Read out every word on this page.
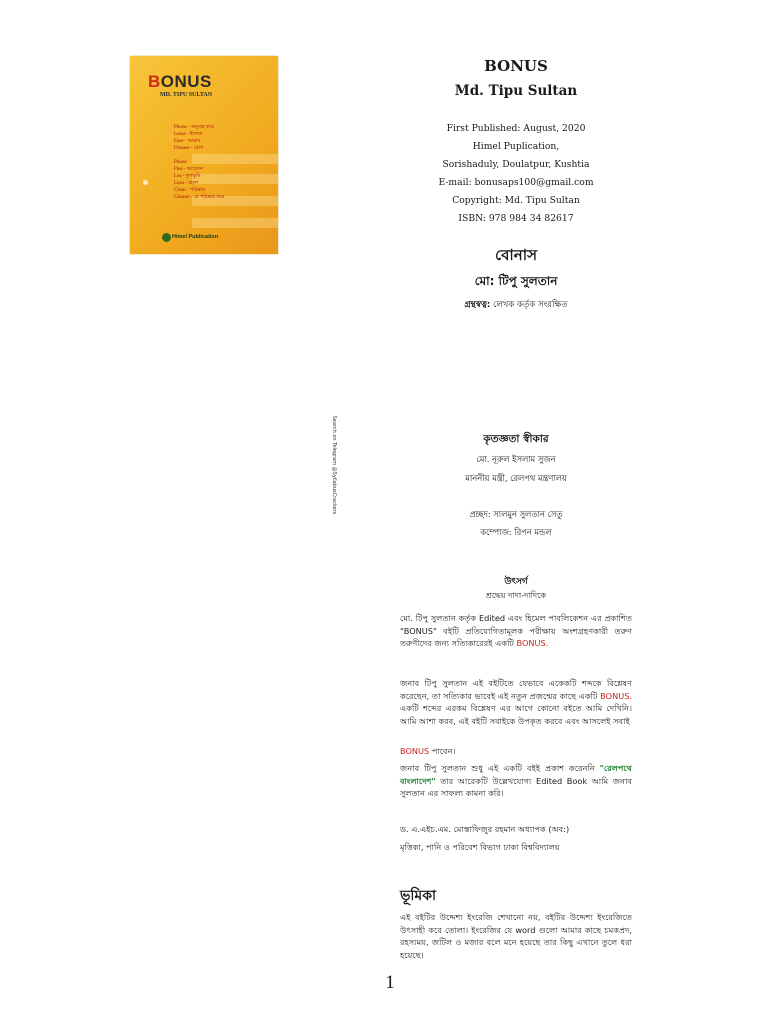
BONUS
MD. TIPU SULTAN
Please - অনুগ্রহ করে
Lease - ইজারা
Ease - আরাম
Disease - রোগ
Please
Plea - আবেদন
Lea - তৃণভূমি
Lean - হেলা
Clean - পরিষ্কার
Cleaner - যে পরিষ্কার করে
Himel Publication
Search on Telegram @SyllabusCrackers
BONUS
Md. Tipu Sultan
First Published: August, 2020
Himel Puplication,
Sorishaduly, Doulatpur, Kushtia
E-mail: bonusaps100@gmail.com
Copyright: Md. Tipu Sultan
ISBN: 978 984 34 82617
বোনাস
মো: টিপু সুলতান
গ্রন্থস্বত্ব: লেখক কর্তৃক সংরক্ষিত
কৃতজ্ঞতা স্বীকার
মো. নূরুল ইসলাম সুজন
মাননীয় মন্ত্রী, রেলপথ মন্ত্রণালয়
প্রচ্ছদ: সালমুন সুলতান সেতু
কম্পোজ: রিপন মন্ডল
উৎসর্গ
শ্রদ্ধেয় দাদা-দাদিকে
মো. টিপু সুলতান কর্তৃক Edited এবং হিমেল পাবলিকেশন এর প্রকাশিত "BONUS" বইটি প্রতিযোগিতামূলক পরীক্ষায় অংশগ্রহণকারী তরুণ তরুণীদের জন্য সত্যিকারেরই একটি BONUS.
জনাব টিপু সুলতান এই বইটিতে যেভাবে একেকটি শব্দকে বিশ্লেষণ করেছেন, তা সত্যিকার ভাবেই এই নতুন প্রজন্মের কাছে একটি BONUS. একটি শব্দের এরকম বিশ্লেষণ এর আগে কোনো বইতে আমি দেখিনি। আমি আশা করব, এই বইটি সবাইকে উপকৃত করবে এবং আসলেই সবাই
BONUS পাবেন।
জনাব টিপু সুলতান শুধু এই একটি বইই প্রকাশ করেননি "রেলপথে বাংলাদেশ" তার আরেকটি উল্লেখযোগ্য Edited Book আমি জনাব সুলতান এর সাফল্য কামনা করি।
ড. এ.এইচ.এম. মোস্তাফিজুর রহমান অধ্যাপক (অব:)
মৃত্তিকা, পানি ও পরিবেশ বিভাগ ঢাকা বিশ্ববিদ্যালয়
ভূমিকা
এই বইটির উদ্দেশ্য ইংরেজি শেখানো নয়, বইটির উদ্দেশ্য ইংরেজিতে উৎসাহী করে তোলা। ইংরেজির যে word গুলো আমার কাছে চমকপ্রদ, রহস্যময়, জটিল ও মজার বলে মনে হয়েছে তার কিছু এখানে তুলে ধরা হয়েছে।
1
